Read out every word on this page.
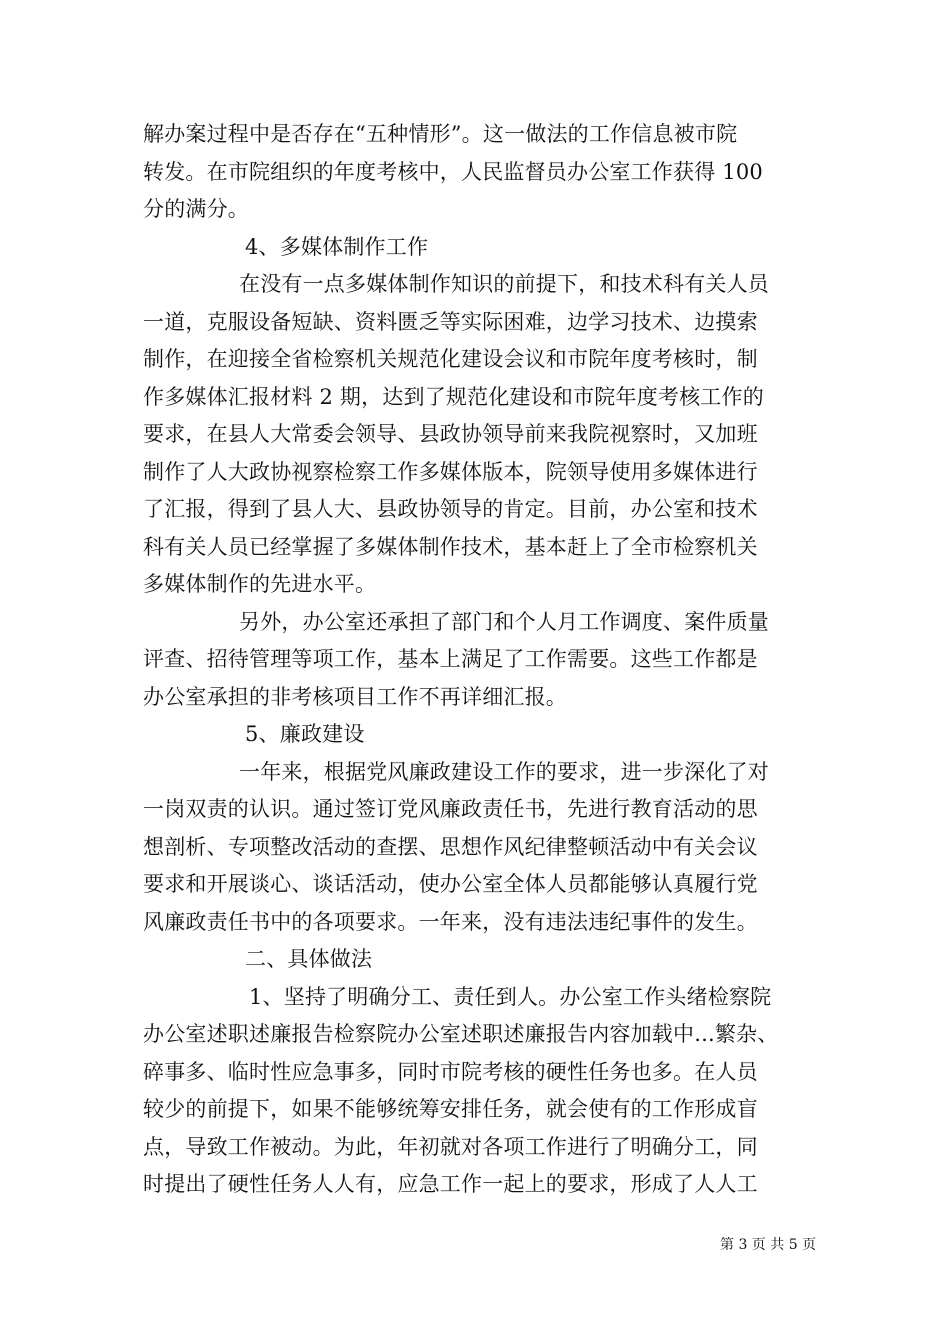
解办案过程中是否存在“五种情形”。这一做法的工作信息被市院
转发。在市院组织的年度考核中，人民监督员办公室工作获得 100
分的满分。
4、多媒体制作工作
在没有一点多媒体制作知识的前提下，和技术科有关人员
一道，克服设备短缺、资料匮乏等实际困难，边学习技术、边摸索
制作，在迎接全省检察机关规范化建设会议和市院年度考核时，制
作多媒体汇报材料 2 期，达到了规范化建设和市院年度考核工作的
要求，在县人大常委会领导、县政协领导前来我院视察时，又加班
制作了人大政协视察检察工作多媒体版本，院领导使用多媒体进行
了汇报，得到了县人大、县政协领导的肯定。目前，办公室和技术
科有关人员已经掌握了多媒体制作技术，基本赶上了全市检察机关
多媒体制作的先进水平。
另外，办公室还承担了部门和个人月工作调度、案件质量
评查、招待管理等项工作，基本上满足了工作需要。这些工作都是
办公室承担的非考核项目工作不再详细汇报。
5、廉政建设
一年来，根据党风廉政建设工作的要求，进一步深化了对
一岗双责的认识。通过签订党风廉政责任书，先进行教育活动的思
想剖析、专项整改活动的查摆、思想作风纪律整顿活动中有关会议
要求和开展谈心、谈话活动，使办公室全体人员都能够认真履行党
风廉政责任书中的各项要求。一年来，没有违法违纪事件的发生。
二、具体做法
1、坚持了明确分工、责任到人。办公室工作头绪检察院
办公室述职述廉报告检察院办公室述职述廉报告内容加载中...繁杂、
碎事多、临时性应急事多，同时市院考核的硬性任务也多。在人员
较少的前提下，如果不能够统筹安排任务，就会使有的工作形成盲
点，导致工作被动。为此，年初就对各项工作进行了明确分工，同
时提出了硬性任务人人有，应急工作一起上的要求，形成了人人工
第 3 页 共 5 页
